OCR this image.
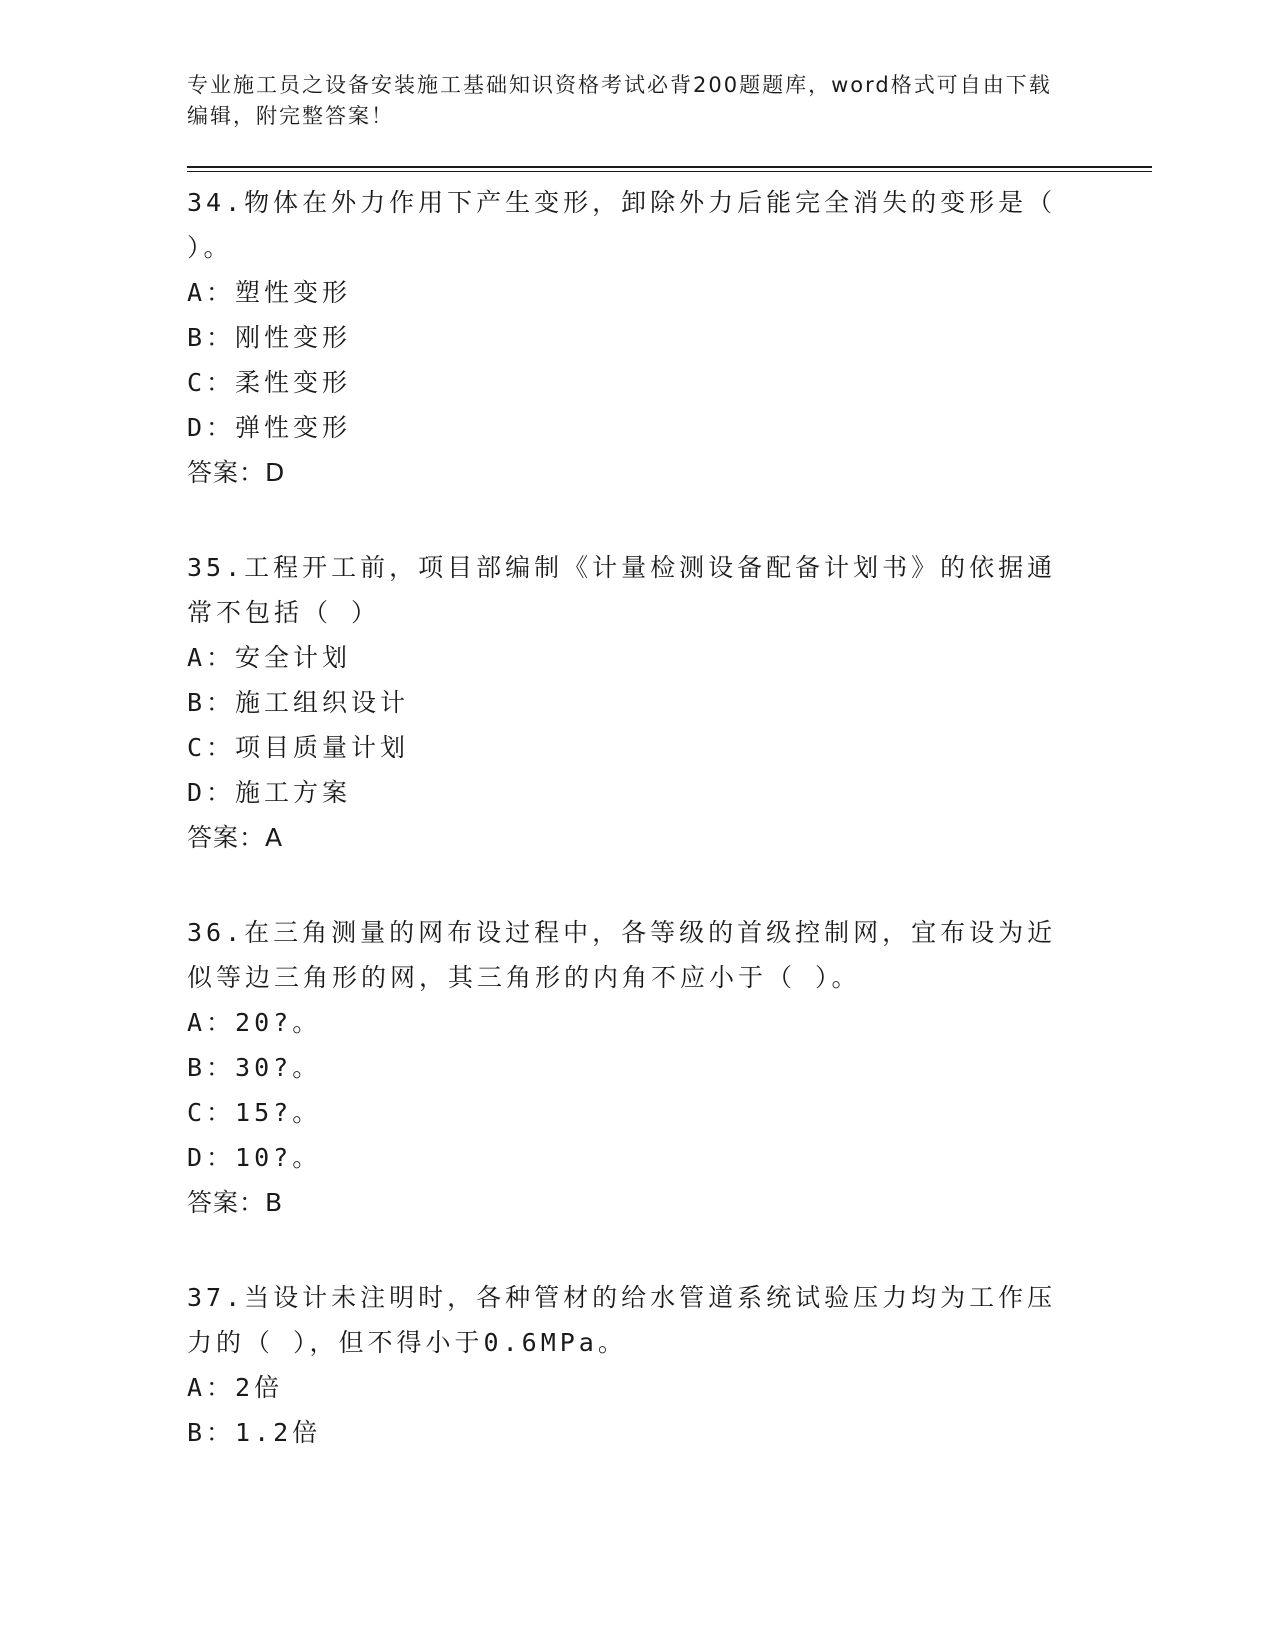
专业施工员之设备安装施工基础知识资格考试必背200题题库，word格式可自由下载编辑，附完整答案！
34.物体在外力作用下产生变形，卸除外力后能完全消失的变形是（ ）。
A：塑性变形
B：刚性变形
C：柔性变形
D：弹性变形
答案：D
35.工程开工前，项目部编制《计量检测设备配备计划书》的依据通常不包括（ ）
A：安全计划
B：施工组织设计
C：项目质量计划
D：施工方案
答案：A
36.在三角测量的网布设过程中，各等级的首级控制网，宜布设为近似等边三角形的网，其三角形的内角不应小于（ ）。
A：20?。
B：30?。
C：15?。
D：10?。
答案：B
37.当设计未注明时，各种管材的给水管道系统试验压力均为工作压力的（ ），但不得小于0.6MPa。
A：2倍
B：1.2倍
